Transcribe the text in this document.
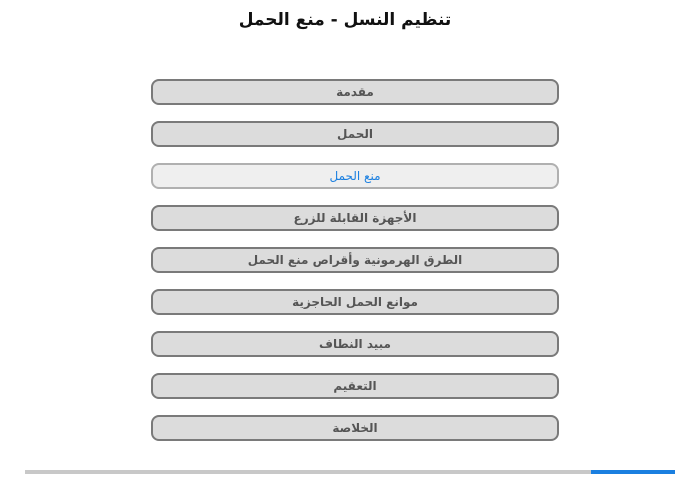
تنظيم النسل - منع الحمل
مقدمة
الحمل
منع الحمل
الأجهزة القابلة للزرع
الطرق الهرمونية وأقراص منع الحمل
موانع الحمل الحاجزية
مبيد النطاف
التعقيم
الخلاصة
